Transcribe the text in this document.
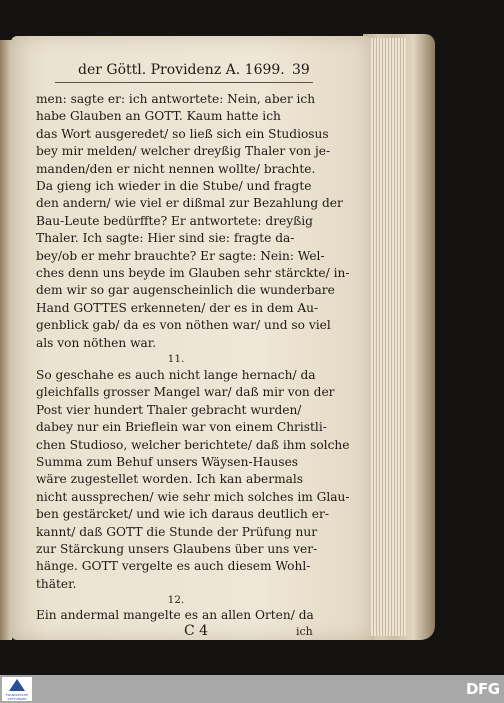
der Göttl. Providenz A. 1699. 39
men: sagte er: ich antwortete: Nein, aber ich
habe Glauben an GOTT. Kaum hatte ich
das Wort ausgeredet/ so ließ sich ein Studiosus
bey mir melden/ welcher dreyßig Thaler von je-
manden/den er nicht nennen wollte/ brachte.
Da gieng ich wieder in die Stube/ und fragte
den andern/ wie viel er dißmal zur Bezahlung der
Bau-Leute bedürffte? Er antwortete: dreyßig
Thaler. Ich sagte: Hier sind sie: fragte da-
bey/ob er mehr brauchte? Er sagte: Nein: Wel-
ches denn uns beyde im Glauben sehr stärckte/ in-
dem wir so gar augenscheinlich die wunderbare
Hand GOTTES erkenneten/ der es in dem Au-
genblick gab/ da es von nöthen war/ und so viel
als von nöthen war.
11.
So geschahe es auch nicht lange hernach/ da
gleichfalls grosser Mangel war/ daß mir von der
Post vier hundert Thaler gebracht wurden/
dabey nur ein Brieflein war von einem Christli-
chen Studioso, welcher berichtete/ daß ihm solche
Summa zum Behuf unsers Wäysen-Hauses
wäre zugestellet worden. Ich kan abermals
nicht aussprechen/ wie sehr mich solches im Glau-
ben gestärcket/ und wie ich daraus deutlich er-
kannt/ daß GOTT die Stunde der Prüfung nur
FRANCKESCHE STIFTUNGEN
DFG
zur Stärckung unsers Glaubens über uns ver-
hänge. GOTT vergelte es auch diesem Wohl-
thäter.
12.
Ein andermal mangelte es an allen Orten/ da
C 4	ich
